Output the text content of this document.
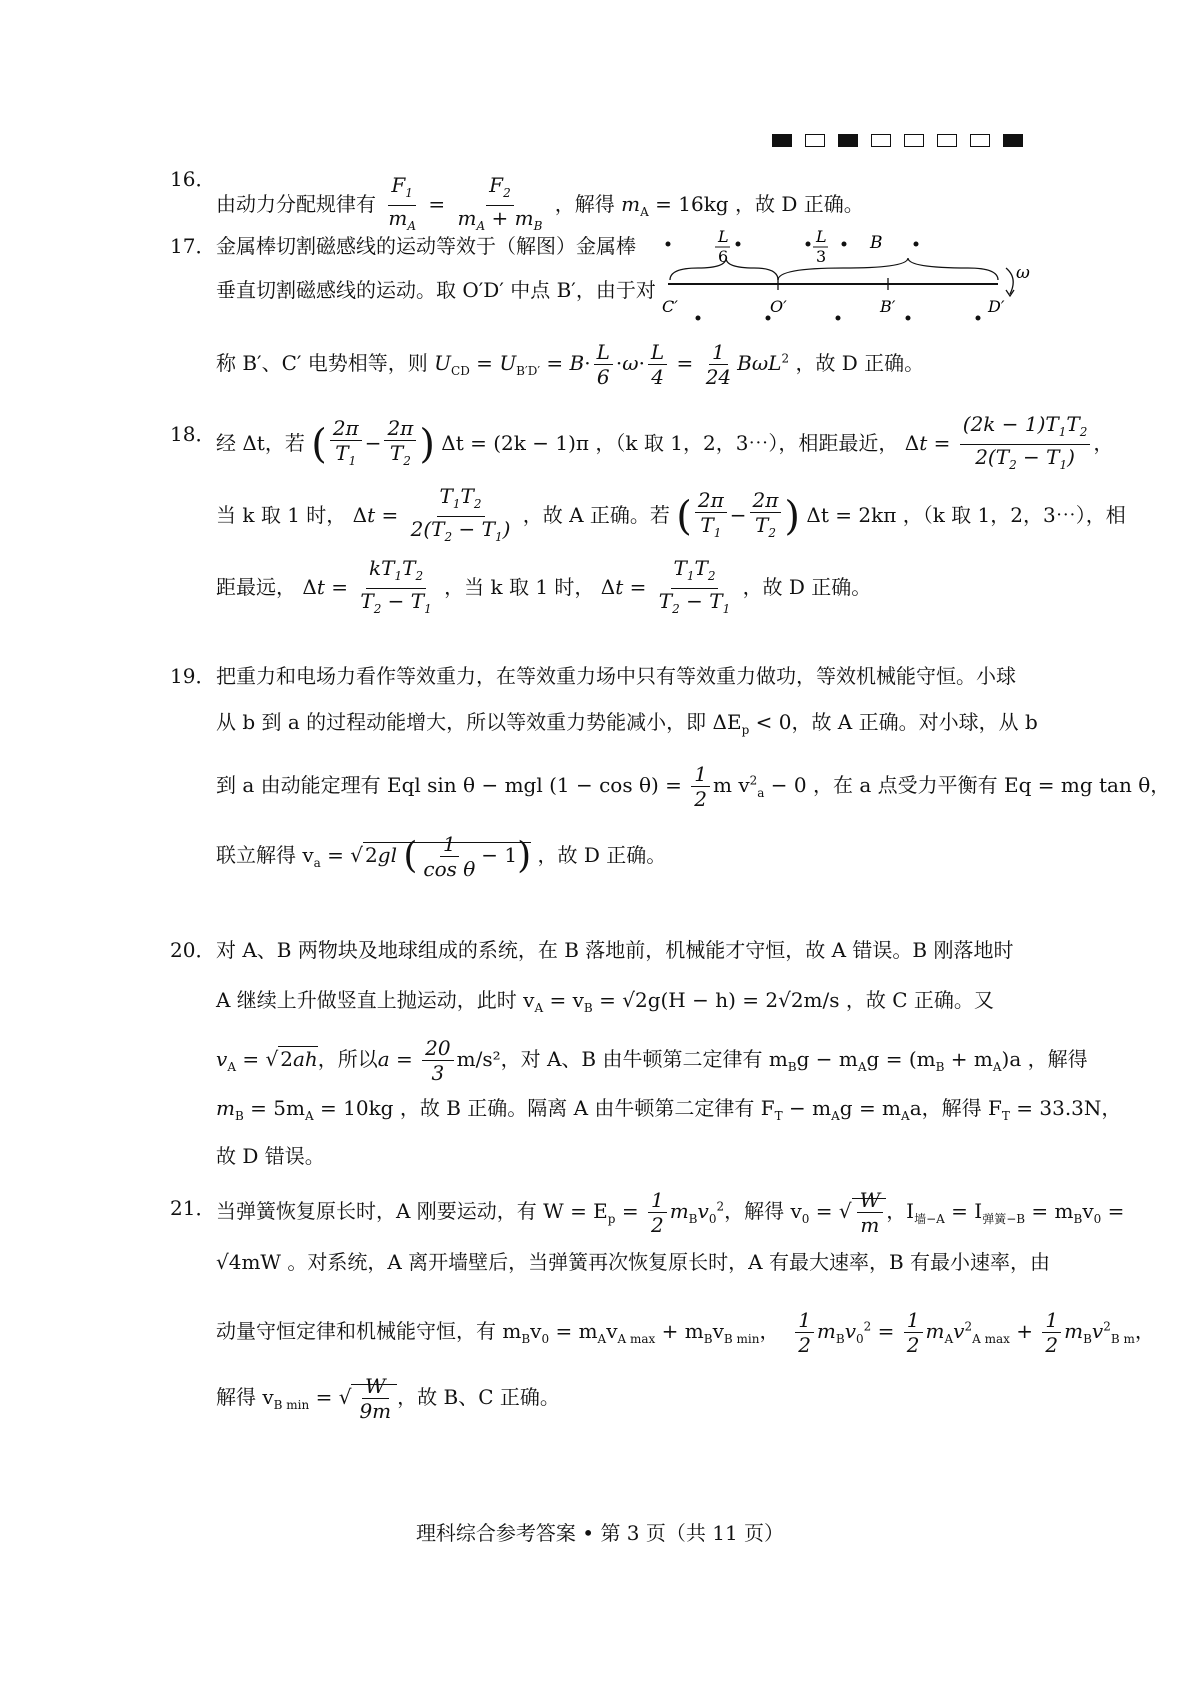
16．
由动力分配规律有 $\frac{F_1}{m_A} = \frac{F_2}{m_A + m_B}$ ，解得 $m_A = 16kg$ ，故 D 正确。
17． 金属棒切割磁感线的运动等效于（解图）金属棒
垂直切割磁感线的运动。取 O′D′ 中点 B′，由于对
称 B′、C′ 电势相等，则 $U_{CD} = U_{B'D'} = B\cdot \frac{L}{6} \cdot\omega\cdot \frac{L}{4} = \frac{1}{24} B\omega L^2$ ，故 D 正确。
L
6
L
3
B
C′	O′	B′	D′
ω
18． 经 Δt，若 ( $\frac{2\pi}{T_1} - \frac{2\pi}{T_2}$ ) Δt = (2k − 1)π ，（k 取 1，2，3⋯），相距最近， $\Delta t = \frac{(2k - 1)T_1T_2}{2(T_2 - T_1)}$ ，
当 k 取 1 时， $\Delta t = \frac{T_1T_2}{2(T_2 - T_1)}$ ，故 A 正确。若 ( $\frac{2\pi}{T_1} - \frac{2\pi}{T_2}$ ) Δt = 2kπ ，（k 取 1，2，3⋯），相
距最远， $\Delta t = \frac{kT_1T_2}{T_2 - T_1}$ ，当 k 取 1 时， $\Delta t = \frac{T_1T_2}{T_2 - T_1}$ ，故 D 正确。
19． 把重力和电场力看作等效重力，在等效重力场中只有等效重力做功，等效机械能守恒。小球
从 b 到 a 的过程动能增大，所以等效重力势能减小，即 $\Delta E_p < 0$，故 A 正确。对小球，从 b
到 a 由动能定理有 Eql sin θ − mgl $(1 - \cos \theta) = \frac{1}{2}$ m $v^2_a - 0$ ，在 a 点受力平衡有 Eq = mg tan θ，
联立解得 $v_a$ = √ 2gl ( $\frac{1}{\text{cos θ}} - 1$) ，故 D 正确。
20． 对 A、B 两物块及地球组成的系统，在 B 落地前，机械能才守恒，故 A 错误。B 刚落地时
A 继续上升做竖直上抛运动，此时 $v_A = v_B = √2g(H - h) = 2√2m/s$ ，故 C 正确。又
$v_A$ = √ 2ah，所以$a = \frac{20}{3} m/s^2$，对 A、B 由牛顿第二定律有 $m_Bg - m_Ag = (m_B + m_A)a$ ，解得
$m_B = 5m_A = 10kg$ ，故 B 正确。隔离 A 由牛顿第二定律有 $F_T - m_Ag = m_Aa$，解得 $F_T = 33.3N$，
故 D 错误。
21． 当弹簧恢复原长时，A 刚要运动，有 $W = E_p = \frac{1}{2} m_Bv_0^2$，解得 $v_0$ = √ $\frac{W}{m}$ ，$I_{墙-A} = I_{弹簧-B} = m_Bv_0$ =
√4mW 。对系统，A 离开墙壁后，当弹簧再次恢复原长时，A 有最大速率，B 有最小速率，由
动量守恒定律和机械能守恒，有 $m_Bv_0 = m_Av_{A max} + m_Bv_{B min}$， $\frac{1}{2} m_Bv_0^2 = \frac{1}{2} m_Av^2_{A max} + \frac{1}{2} m_Bv^2_{B m}$，
解得 $v_{B min}$ = √ $\frac{W}{9m}$ ，故 B、C 正确。
理科综合参考答案 • 第 3 页（共 11 页）
